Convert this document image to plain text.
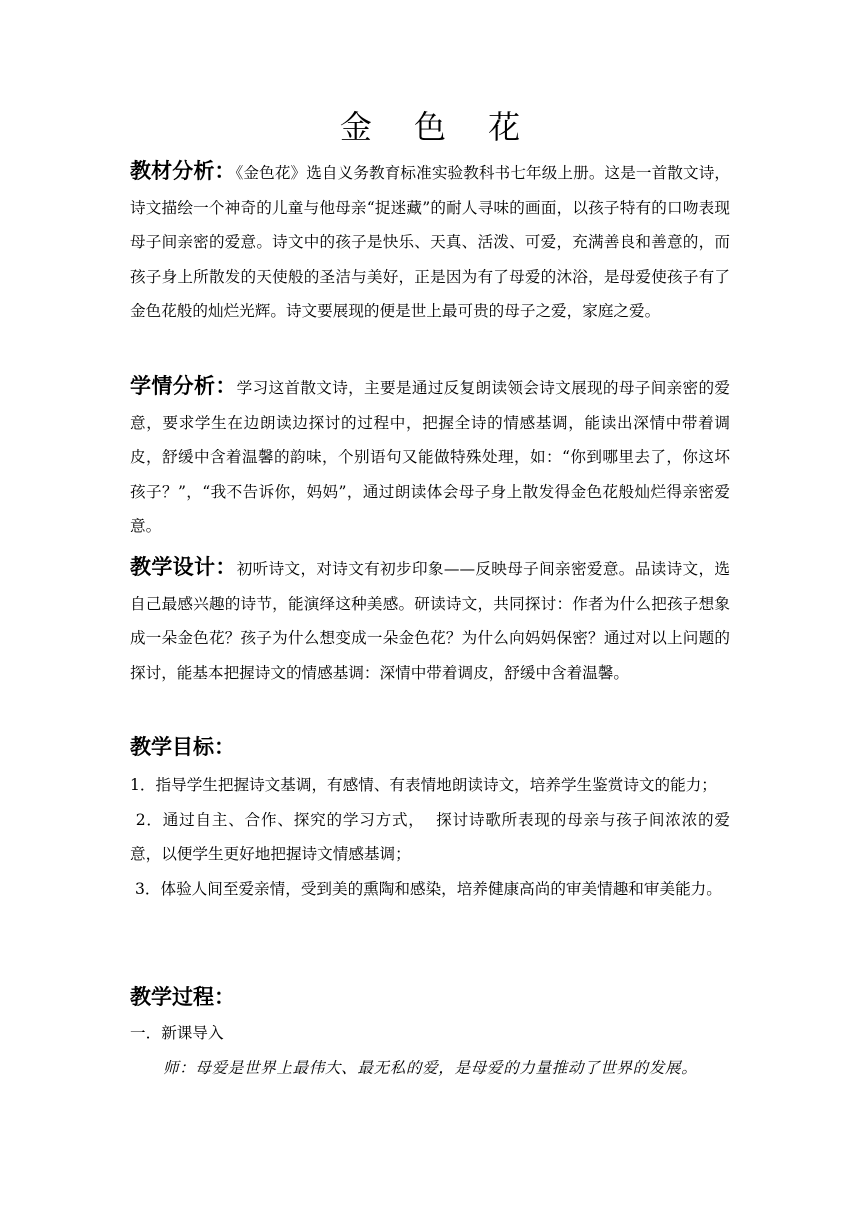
金 色 花

教材分析：《金色花》选自义务教育标准实验教科书七年级上册。这是一首散文诗，诗文描绘一个神奇的儿童与他母亲“捉迷藏”的耐人寻味的画面，以孩子特有的口吻表现母子间亲密的爱意。诗文中的孩子是快乐、天真、活泼、可爱，充满善良和善意的，而孩子身上所散发的天使般的圣洁与美好，正是因为有了母爱的沐浴，是母爱使孩子有了金色花般的灿烂光辉。诗文要展现的便是世上最可贵的母子之爱，家庭之爱。

学情分析：学习这首散文诗，主要是通过反复朗读领会诗文展现的母子间亲密的爱意，要求学生在边朗读边探讨的过程中，把握全诗的情感基调，能读出深情中带着调皮，舒缓中含着温馨的韵味，个别语句又能做特殊处理，如：“你到哪里去了，你这坏孩子？”，“我不告诉你，妈妈”，通过朗读体会母子身上散发得金色花般灿烂得亲密爱意。

教学设计：初听诗文，对诗文有初步印象——反映母子间亲密爱意。品读诗文，选自己最感兴趣的诗节，能演绎这种美感。研读诗文，共同探讨：作者为什么把孩子想象成一朵金色花？孩子为什么想变成一朵金色花？为什么向妈妈保密？通过对以上问题的探讨，能基本把握诗文的情感基调：深情中带着调皮，舒缓中含着温馨。

教学目标：

1．指导学生把握诗文基调，有感情、有表情地朗读诗文，培养学生鉴赏诗文的能力；

2．通过自主、合作、探究的学习方式，  探讨诗歌所表现的母亲与孩子间浓浓的爱意，以便学生更好地把握诗文情感基调；

3．体验人间至爱亲情，受到美的熏陶和感染，培养健康高尚的审美情趣和审美能力。

教学过程：

一．新课导入

师：母爱是世界上最伟大、最无私的爱，是母爱的力量推动了世界的发展。
